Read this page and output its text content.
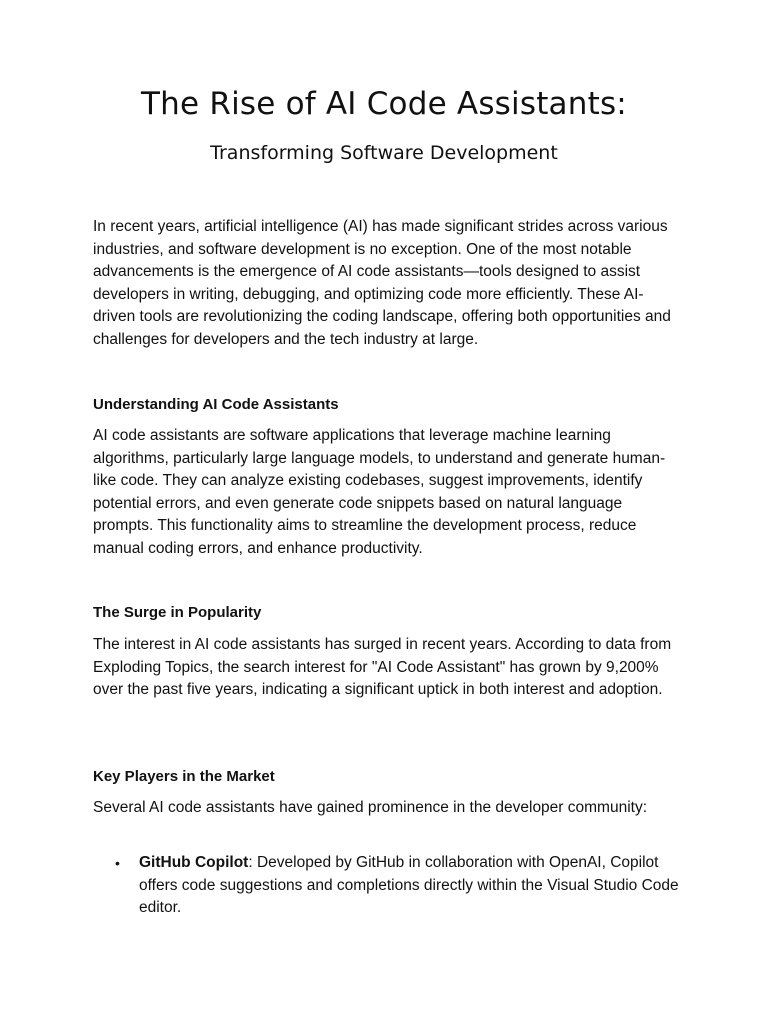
The Rise of AI Code Assistants:
Transforming Software Development

In recent years, artificial intelligence (AI) has made significant strides across various industries, and software development is no exception. One of the most notable advancements is the emergence of AI code assistants—tools designed to assist developers in writing, debugging, and optimizing code more efficiently. These AI-driven tools are revolutionizing the coding landscape, offering both opportunities and challenges for developers and the tech industry at large.

Understanding AI Code Assistants

AI code assistants are software applications that leverage machine learning algorithms, particularly large language models, to understand and generate human-like code. They can analyze existing codebases, suggest improvements, identify potential errors, and even generate code snippets based on natural language prompts. This functionality aims to streamline the development process, reduce manual coding errors, and enhance productivity.

The Surge in Popularity

The interest in AI code assistants has surged in recent years. According to data from Exploding Topics, the search interest for "AI Code Assistant" has grown by 9,200% over the past five years, indicating a significant uptick in both interest and adoption.

Key Players in the Market

Several AI code assistants have gained prominence in the developer community:

• GitHub Copilot: Developed by GitHub in collaboration with OpenAI, Copilot offers code suggestions and completions directly within the Visual Studio Code editor.
